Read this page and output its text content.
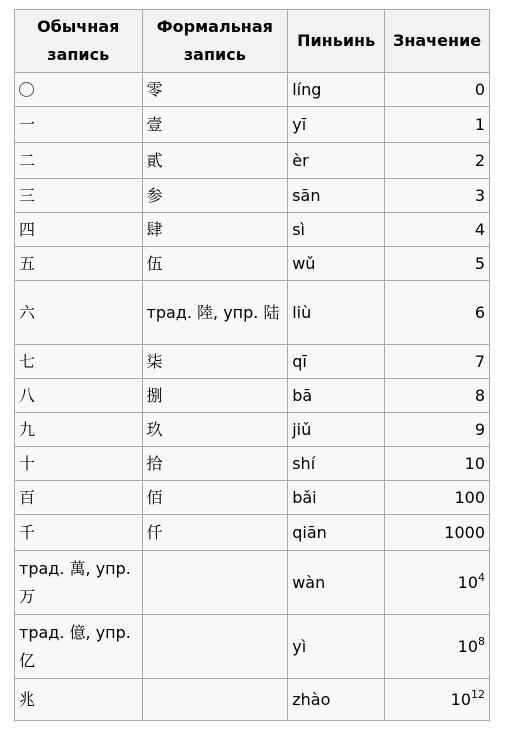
Обычная запись	Формальная запись	Пиньинь	Значение
	零	líng	0
一	壹	yī	1
二	貳	èr	2
三	参	sān	3
四	肆	sì	4
五	伍	wǔ	5
六	трад. 陸, упр. 陆	liù	6
七	柒	qī	7
八	捌	bā	8
九	玖	jiǔ	9
十	拾	shí	10
百	佰	bǎi	100
千	仟	qiān	1000
трад. 萬, упр. 万		wàn	$10^4$
трад. 億, упр. 亿		yì	$10^8$
兆		zhào	$10^{12}$
